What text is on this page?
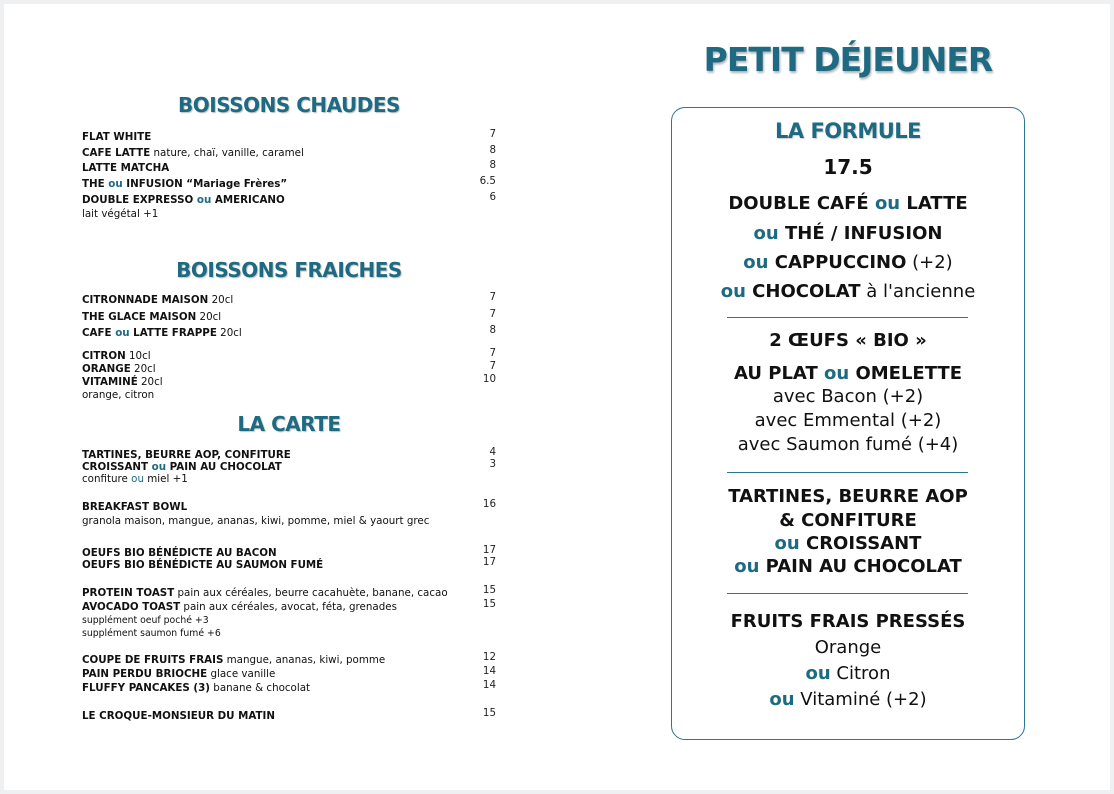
BOISSONS CHAUDES
FLAT WHITE	7
CAFE LATTE nature, chaï, vanille, caramel	8
LATTE MATCHA	8
THE ou INFUSION “Mariage Frères”	6.5
DOUBLE EXPRESSO ou AMERICANO	6
lait végétal +1
BOISSONS FRAICHES
CITRONNADE MAISON 20cl	7
THE GLACE MAISON 20cl	7
CAFE ou LATTE FRAPPE 20cl	8
CITRON 10cl	7
ORANGE 20cl	7
VITAMINÉ 20cl	10
orange, citron
LA CARTE
TARTINES, BEURRE AOP, CONFITURE	4
CROISSANT ou PAIN AU CHOCOLAT	3
confiture ou miel +1
BREAKFAST BOWL	16
granola maison, mangue, ananas, kiwi, pomme, miel & yaourt grec
OEUFS BIO BÉNÉDICTE AU BACON	17
OEUFS BIO BÉNÉDICTE AU SAUMON FUMÉ	17
PROTEIN TOAST pain aux céréales, beurre cacahuète, banane, cacao	15
AVOCADO TOAST pain aux céréales, avocat, féta, grenades	15
supplément oeuf poché +3
supplément saumon fumé +6
COUPE DE FRUITS FRAIS mangue, ananas, kiwi, pomme	12
PAIN PERDU BRIOCHE glace vanille	14
FLUFFY PANCAKES (3) banane & chocolat	14
LE CROQUE-MONSIEUR DU MATIN	15
PETIT DÉJEUNER
LA FORMULE
17.5
DOUBLE CAFÉ ou LATTE
ou THÉ / INFUSION
ou CAPPUCCINO (+2)
ou CHOCOLAT à l'ancienne
2 ŒUFS « BIO »
AU PLAT ou OMELETTE
avec Bacon (+2)
avec Emmental (+2)
avec Saumon fumé (+4)
TARTINES, BEURRE AOP
& CONFITURE
ou CROISSANT
ou PAIN AU CHOCOLAT
FRUITS FRAIS PRESSÉS
Orange
ou Citron
ou Vitaminé (+2)
